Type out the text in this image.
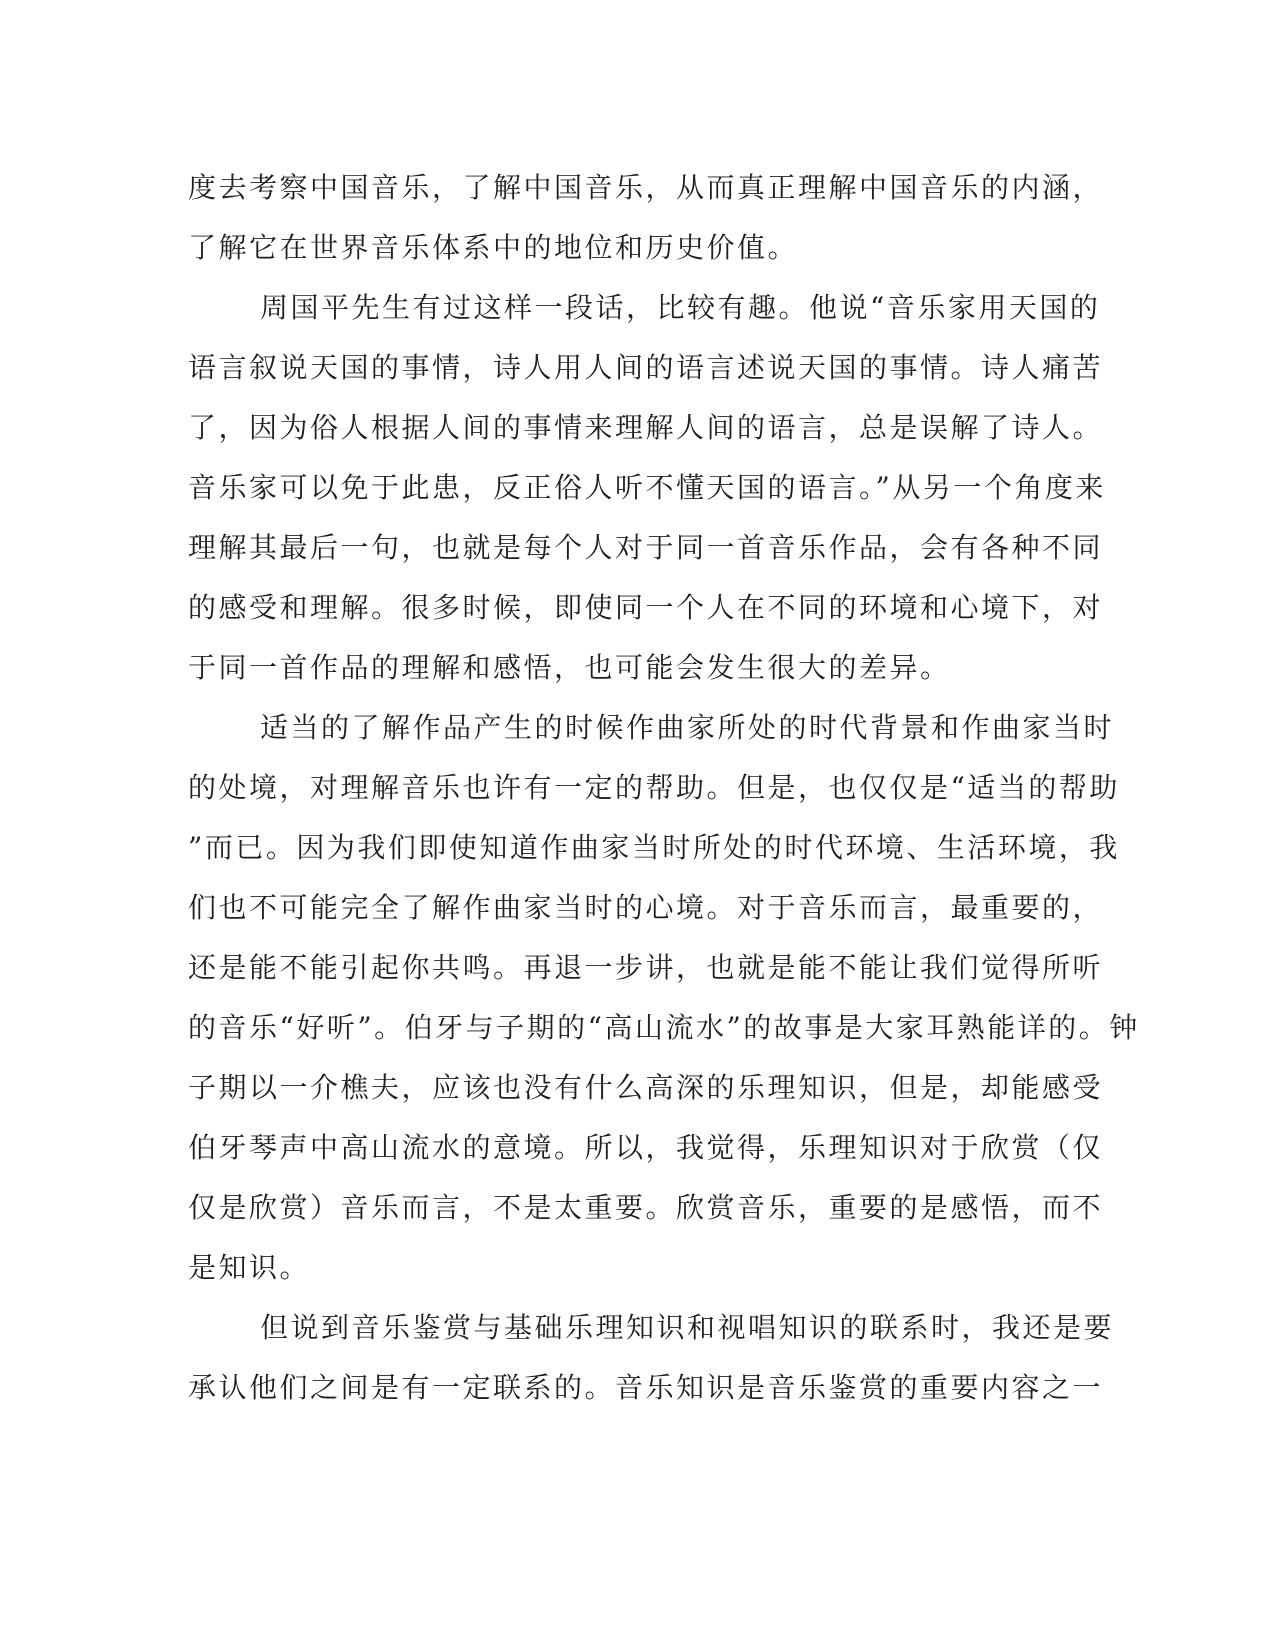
度去考察中国音乐，了解中国音乐，从而真正理解中国音乐的内涵，
了解它在世界音乐体系中的地位和历史价值。
周国平先生有过这样一段话，比较有趣。他说“音乐家用天国的
语言叙说天国的事情，诗人用人间的语言述说天国的事情。诗人痛苦
了，因为俗人根据人间的事情来理解人间的语言，总是误解了诗人。
音乐家可以免于此患，反正俗人听不懂天国的语言。”从另一个角度来
理解其最后一句，也就是每个人对于同一首音乐作品，会有各种不同
的感受和理解。很多时候，即使同一个人在不同的环境和心境下，对
于同一首作品的理解和感悟，也可能会发生很大的差异。
适当的了解作品产生的时候作曲家所处的时代背景和作曲家当时
的处境，对理解音乐也许有一定的帮助。但是，也仅仅是“适当的帮助
”而已。因为我们即使知道作曲家当时所处的时代环境、生活环境，我
们也不可能完全了解作曲家当时的心境。对于音乐而言，最重要的，
还是能不能引起你共鸣。再退一步讲，也就是能不能让我们觉得所听
的音乐“好听”。伯牙与子期的“高山流水”的故事是大家耳熟能详的。钟
子期以一介樵夫，应该也没有什么高深的乐理知识，但是，却能感受
伯牙琴声中高山流水的意境。所以，我觉得，乐理知识对于欣赏（仅
仅是欣赏）音乐而言，不是太重要。欣赏音乐，重要的是感悟，而不
是知识。
但说到音乐鉴赏与基础乐理知识和视唱知识的联系时，我还是要
承认他们之间是有一定联系的。音乐知识是音乐鉴赏的重要内容之一
